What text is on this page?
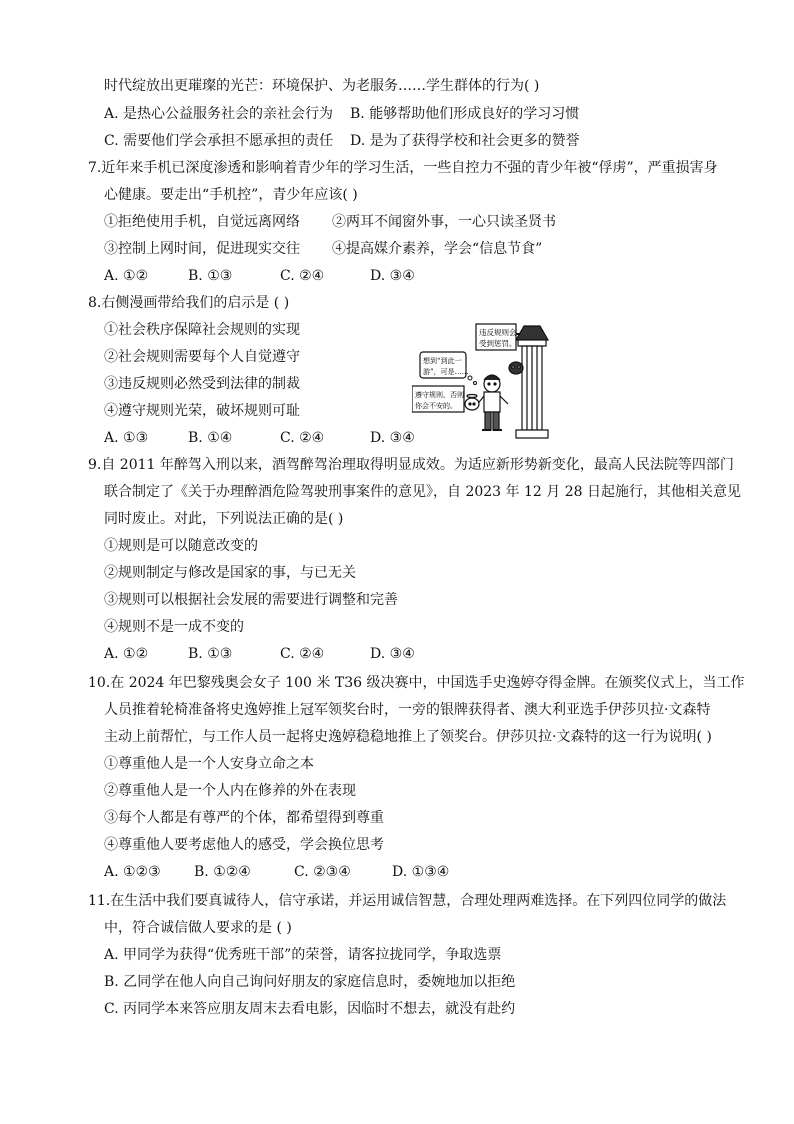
时代绽放出更璀璨的光芒：环境保护、为老服务……学生群体的行为( )
A. 是热心公益服务社会的亲社会行为 B. 能够帮助他们形成良好的学习习惯
C. 需要他们学会承担不愿承担的责任 D. 是为了获得学校和社会更多的赞誉
7.近年来手机已深度渗透和影响着青少年的学习生活，一些自控力不强的青少年被“俘虏”，严重损害身
心健康。要走出“手机控”，青少年应该( )
①拒绝使用手机，自觉远离网络 ②两耳不闻窗外事，一心只读圣贤书
③控制上网时间，促进现实交往 ④提高媒介素养，学会“信息节食”
A. ①②	B. ①③	C. ②④	D. ③④
8.右侧漫画带给我们的启示是 ( )
①社会秩序保障社会规则的实现
②社会规则需要每个人自觉遵守
③违反规则必然受到法律的制裁
④遵守规则光荣，破坏规则可耻
A. ①③	B. ①④	C. ②④	D. ③④
违反规则会
受到惩罚。
想到“到此一
游”，可是……
遵守规则，否则
你会不安的。
9.自 2011 年醉驾入刑以来，酒驾醉驾治理取得明显成效。为适应新形势新变化，最高人民法院等四部门
联合制定了《关于办理醉酒危险驾驶刑事案件的意见》，自 2023 年 12 月 28 日起施行，其他相关意见
同时废止。对此，下列说法正确的是( )
①规则是可以随意改变的
②规则制定与修改是国家的事，与已无关
③规则可以根据社会发展的需要进行调整和完善
④规则不是一成不变的
A. ①②	B. ①③	C. ②④	D. ③④
10.在 2024 年巴黎残奥会女子 100 米 T36 级决赛中，中国选手史逸婷夺得金牌。在颁奖仪式上，当工作
人员推着轮椅准备将史逸婷推上冠军领奖台时，一旁的银牌获得者、澳大利亚选手伊莎贝拉·文森特
主动上前帮忙，与工作人员一起将史逸婷稳稳地推上了领奖台。伊莎贝拉·文森特的这一行为说明( )
①尊重他人是一个人安身立命之本
②尊重他人是一个人内在修养的外在表现
③每个人都是有尊严的个体，都希望得到尊重
④尊重他人要考虑他人的感受，学会换位思考
A. ①②③ B. ①②④	C. ②③④	D. ①③④
11.在生活中我们要真诚待人，信守承诺，并运用诚信智慧，合理处理两难选择。在下列四位同学的做法
中，符合诚信做人要求的是 ( )
A. 甲同学为获得“优秀班干部”的荣誉，请客拉拢同学，争取选票
B. 乙同学在他人向自己询问好朋友的家庭信息时，委婉地加以拒绝
C. 丙同学本来答应朋友周末去看电影，因临时不想去，就没有赴约
